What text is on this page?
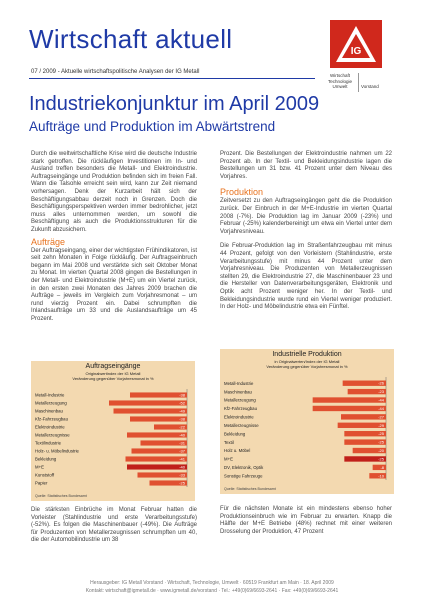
Wirtschaft aktuell
07 / 2009 - Aktuelle wirtschaftspolitische Analysen der IG Metall
IG
Wirtschaft
Technologie
Umwelt	Vorstand
Industriekonjunktur im April 2009
Aufträge und Produktion im Abwärtstrend

Durch die weltwirtschaftliche Krise wird die deutsche Industrie stark getroffen. Die rückläufigen Investitionen im In- und Ausland treffen besonders die Metall- und Elektroindustrie. Auftragseingänge und Produktion befinden sich im freien Fall. Wann die Talsohle erreicht sein wird, kann zur Zeit niemand vorhersagen. Denk der Kurzarbeit hält sich der Beschäftigungsabbau derzeit noch in Grenzen. Doch die Beschäftigungsperspektiven werden immer bedrohlicher, jetzt muss alles unternommen werden, um sowohl die Beschäftigung als auch die Produktionsstrukturen für die Zukunft abzusichern.

Aufträge

Der Auftragseingang, einer der wichtigsten Frühindikatoren, ist seit zehn Monaten in Folge rückläufig. Der Auftragseinbruch begann im Mai 2008 und verstärkte sich seit Oktober Monat zu Monat. Im vierten Quartal 2008 gingen die Bestellungen in der Metall- und Elektroindustrie (M+E) um ein Viertel zurück, in den ersten zwei Monaten des Jahres 2009 brachen die Aufträge – jeweils im Vergleich zum Vorjahresmonat – um rund vierzig Prozent ein. Dabei schrumpften die Inlandsaufträge um 33 und die Auslandsaufträge um 45 Prozent.

Auftragseingänge
Originalwertindex der IG Metall
Veränderung gegenüber Vorjahresmonat in %
Metall-Industrie	-38
Metallerzeugung	-52
Maschinenbau	-49
Kfz-Fahrzeugbau	-38
Elektroindustrie	-22
Metallerzeugnisse	-40
Textilindustrie	-31
Holz- u. Möbelindustrie	-37
Bekleidung	-41
M+E	-40
Kunststoff	-33
Papier	-25
Quelle: Statistisches Bundesamt

Die stärksten Einbrüche im Monat Februar hatten die Vorleister (Stahlindustrie und erste Verarbeitungsstufe) (-52%). Es folgen die Maschinenbauer (-49%). Die Aufträge für Produzenten von Metallerzeugnissen schrumpften um 40, die der Automobilindustrie um 38

Prozent. Die Bestellungen der Elektroindustrie nahmen um 22 Prozent ab. In der Textil- und Bekleidungsindustrie lagen die Bestellungen um 31 bzw. 41 Prozent unter dem Niveau des Vorjahres.

Produktion

Zeitversetzt zu den Auftragseingängen geht die die Produktion zurück. Der Einbruch in der M+E-Industrie im vierten Quartal 2008 (-7%). Die Produktion lag im Januar 2009 (-23%) und Februar (-25%) kalenderbereinigt um etwa ein Viertel unter dem Vorjahresniveau.

Die Februar-Produktion lag im Straßenfahrzeugbau mit minus 44 Prozent, gefolgt von den Vorleistern (Stahlindustrie, erste Verarbeitungsstufe) mit minus 44 Prozent unter dem Vorjahresniveau. Die Produzenten von Metallerzeugnissen stellten 29, die Elektroindustrie 27, die Maschinenbauer 23 und die Hersteller von Datenverarbeitungsgeräten, Elektronik und Optik acht Prozent weniger her. In der Textil- und Bekleidungsindustrie wurde rund ein Viertel weniger produziert. In der Holz- und Möbelindustrie etwa ein Fünftel.

Industrielle Produktion
in Originalwerten/Index der IG Metall
Veränderung gegenüber Vorjahresmonat in %
Metall-Industrie	-26
Maschinenbau	-23
Metallerzeugung	-44
Kfz-Fahrzeugbau	-44
Elektroindustrie	-27
Metallerzeugnisse	-29
Bekleidung	-25
Textil	-25
Holz u. Möbel	-20
M+E	-25
DV, Elektronik, Optik	-8
Sonstige Fahrzeuge	-10
Quelle: Statistisches Bundesamt

Für die nächsten Monate ist ein mindestens ebenso hoher Produktionseinbruch wie im Februar zu erwarten. Knapp die Hälfte der M+E Betriebe (48%) rechnet mit einer weiteren Drosselung der Produktion, 47 Prozent

Herausgeber: IG Metall Vorstand · Wirtschaft, Technologie, Umwelt · 60519 Frankfurt am Main · 18. April 2009
Kontakt: wirtschaft@igmetall.de · www.igmetall.de/vorstand · Tel.: +49(0)69/6693-2641 · Fax: +49(0)69/6693-2641
